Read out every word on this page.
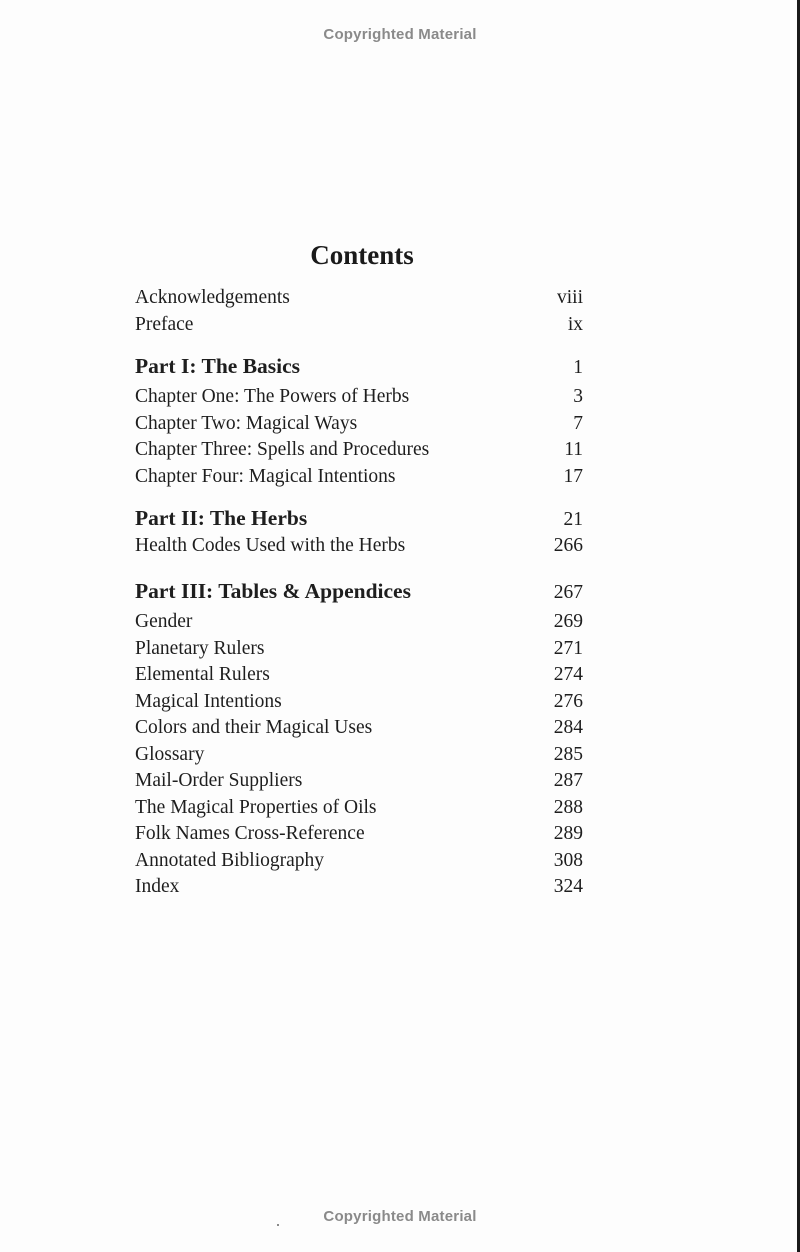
Copyrighted Material
Contents
Acknowledgements	viii
Preface	ix
Part I: The Basics	1
Chapter One: The Powers of Herbs	3
Chapter Two: Magical Ways	7
Chapter Three: Spells and Procedures	11
Chapter Four: Magical Intentions	17
Part II: The Herbs	21
Health Codes Used with the Herbs	266
Part III: Tables & Appendices	267
Gender	269
Planetary Rulers	271
Elemental Rulers	274
Magical Intentions	276
Colors and their Magical Uses	284
Glossary	285
Mail-Order Suppliers	287
The Magical Properties of Oils	288
Folk Names Cross-Reference	289
Annotated Bibliography	308
Index	324
Copyrighted Material
